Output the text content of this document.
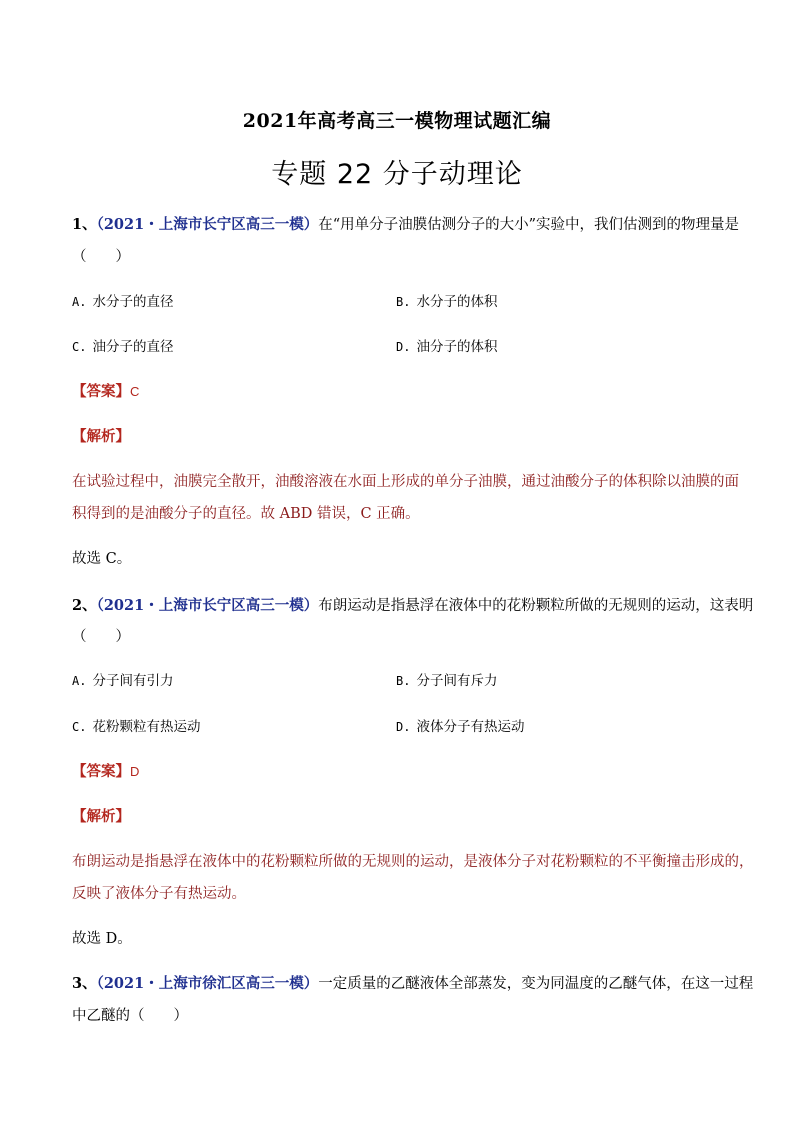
2021年高考高三一模物理试题汇编
专题 22 分子动理论
1、（2021・上海市长宁区高三一模）在“用单分子油膜估测分子的大小”实验中，我们估测到的物理量是
（　　）
A. 水分子的直径	B. 水分子的体积
C. 油分子的直径	D. 油分子的体积
【答案】C
【解析】
在试验过程中，油膜完全散开，油酸溶液在水面上形成的单分子油膜，通过油酸分子的体积除以油膜的面
积得到的是油酸分子的直径。故 ABD 错误，C 正确。
故选 C。
2、（2021・上海市长宁区高三一模）布朗运动是指悬浮在液体中的花粉颗粒所做的无规则的运动，这表明
（　　）
A. 分子间有引力	B. 分子间有斥力
C. 花粉颗粒有热运动	D. 液体分子有热运动
【答案】D
【解析】
布朗运动是指悬浮在液体中的花粉颗粒所做的无规则的运动，是液体分子对花粉颗粒的不平衡撞击形成的，
反映了液体分子有热运动。
故选 D。
3、（2021・上海市徐汇区高三一模）一定质量的乙醚液体全部蒸发，变为同温度的乙醚气体，在这一过程
中乙醚的（　　）
